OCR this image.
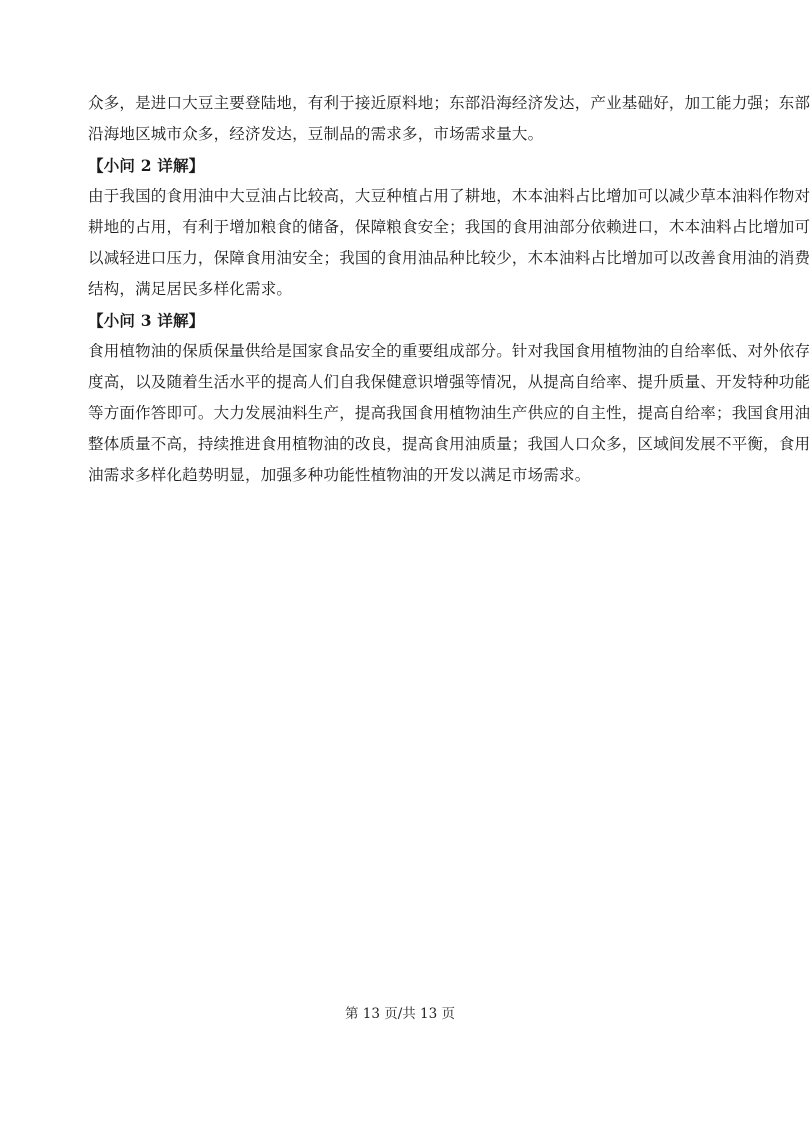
众多，是进口大豆主要登陆地，有利于接近原料地；东部沿海经济发达，产业基础好，加工能力强；东部
沿海地区城市众多，经济发达，豆制品的需求多，市场需求量大。
【小问 2 详解】
由于我国的食用油中大豆油占比较高，大豆种植占用了耕地，木本油料占比增加可以减少草本油料作物对
耕地的占用，有利于增加粮食的储备，保障粮食安全；我国的食用油部分依赖进口，木本油料占比增加可
以减轻进口压力，保障食用油安全；我国的食用油品种比较少，木本油料占比增加可以改善食用油的消费
结构，满足居民多样化需求。
【小问 3 详解】
食用植物油的保质保量供给是国家食品安全的重要组成部分。针对我国食用植物油的自给率低、对外依存
度高，以及随着生活水平的提高人们自我保健意识增强等情况，从提高自给率、提升质量、开发特种功能
等方面作答即可。大力发展油料生产，提高我国食用植物油生产供应的自主性，提高自给率；我国食用油
整体质量不高，持续推进食用植物油的改良，提高食用油质量；我国人口众多，区域间发展不平衡，食用
油需求多样化趋势明显，加强多种功能性植物油的开发以满足市场需求。
第 13 页/共 13 页
